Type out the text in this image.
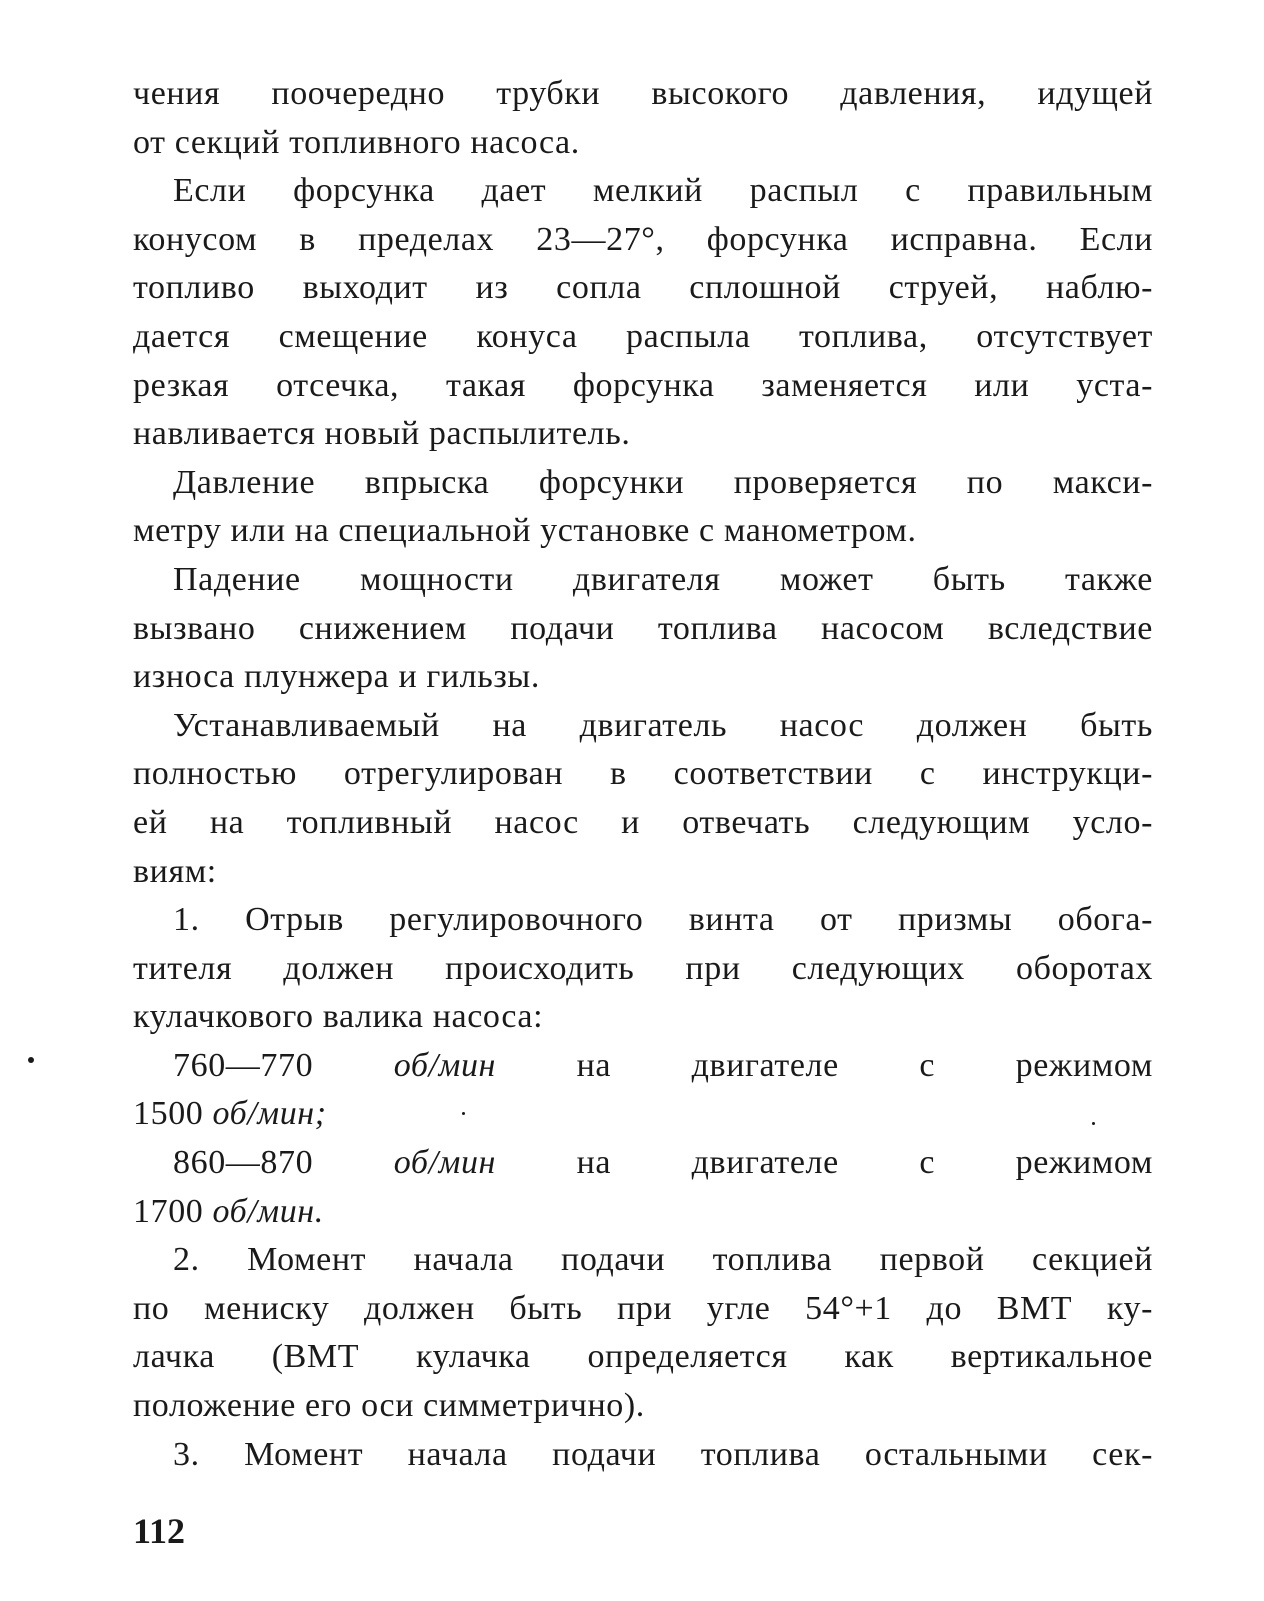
чения поочередно трубки высокого давления, идущей
от секций топливного насоса.

Если форсунка дает мелкий распыл с правильным
конусом в пределах 23—27°, форсунка исправна. Если
топливо выходит из сопла сплошной струей, наблю-
дается смещение конуса распыла топлива, отсутствует
резкая отсечка, такая форсунка заменяется или уста-
навливается новый распылитель.

Давление впрыска форсунки проверяется по макси-
метру или на специальной установке с манометром.

Падение мощности двигателя может быть также
вызвано снижением подачи топлива насосом вследствие
износа плунжера и гильзы.

Устанавливаемый на двигатель насос должен быть
полностью отрегулирован в соответствии с инструкци-
ей на топливный насос и отвечать следующим усло-
виям:

1. Отрыв регулировочного винта от призмы обога-
тителя должен происходить при следующих оборотах
кулачкового валика насоса:

760—770 об/мин на двигателе с режимом
1500 об/мин;
860—870 об/мин на двигателе с режимом
1700 об/мин.

2. Момент начала подачи топлива первой секцией
по мениску должен быть при угле 54°+1 до ВМТ ку-
лачка (ВМТ кулачка определяется как вертикальное
положение его оси симметрично).

3. Момент начала подачи топлива остальными сек-

112
